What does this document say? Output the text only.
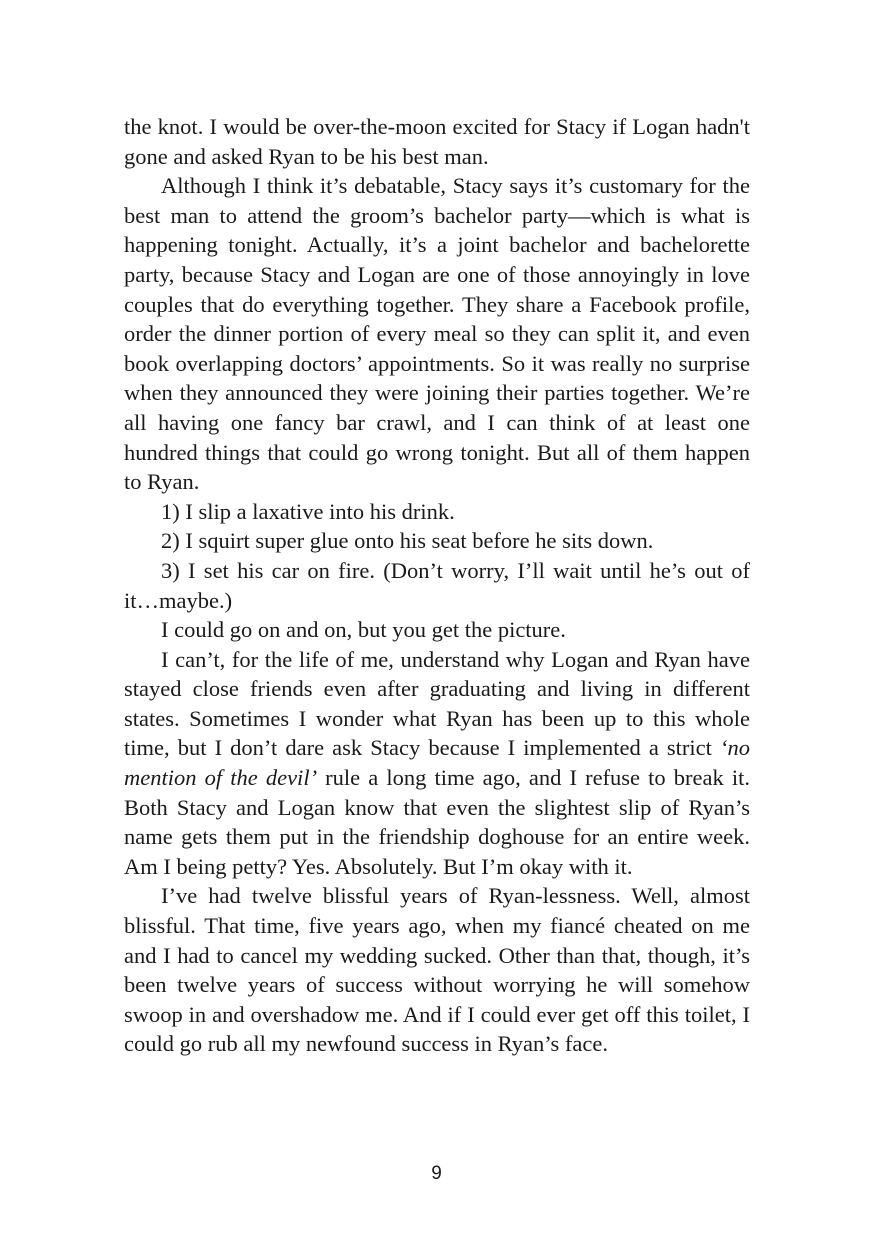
the knot. I would be over-the-moon excited for Stacy if Logan hadn't gone and asked Ryan to be his best man.

Although I think it’s debatable, Stacy says it’s customary for the best man to attend the groom’s bachelor party—which is what is happening tonight. Actually, it’s a joint bachelor and bachelorette party, because Stacy and Logan are one of those annoyingly in love couples that do everything together. They share a Facebook profile, order the dinner portion of every meal so they can split it, and even book overlapping doctors’ appointments. So it was really no surprise when they announced they were joining their parties together. We’re all having one fancy bar crawl, and I can think of at least one hundred things that could go wrong tonight. But all of them happen to Ryan.

1) I slip a laxative into his drink.

2) I squirt super glue onto his seat before he sits down.

3) I set his car on fire. (Don’t worry, I’ll wait until he’s out of it…maybe.)

I could go on and on, but you get the picture.

I can’t, for the life of me, understand why Logan and Ryan have stayed close friends even after graduating and living in different states. Sometimes I wonder what Ryan has been up to this whole time, but I don’t dare ask Stacy because I implemented a strict ‘no mention of the devil’ rule a long time ago, and I refuse to break it. Both Stacy and Logan know that even the slightest slip of Ryan’s name gets them put in the friendship doghouse for an entire week. Am I being petty? Yes. Absolutely. But I’m okay with it.

I’ve had twelve blissful years of Ryan-lessness. Well, almost blissful. That time, five years ago, when my fiancé cheated on me and I had to cancel my wedding sucked. Other than that, though, it’s been twelve years of success without worrying he will somehow swoop in and overshadow me. And if I could ever get off this toilet, I could go rub all my newfound success in Ryan’s face.

9
